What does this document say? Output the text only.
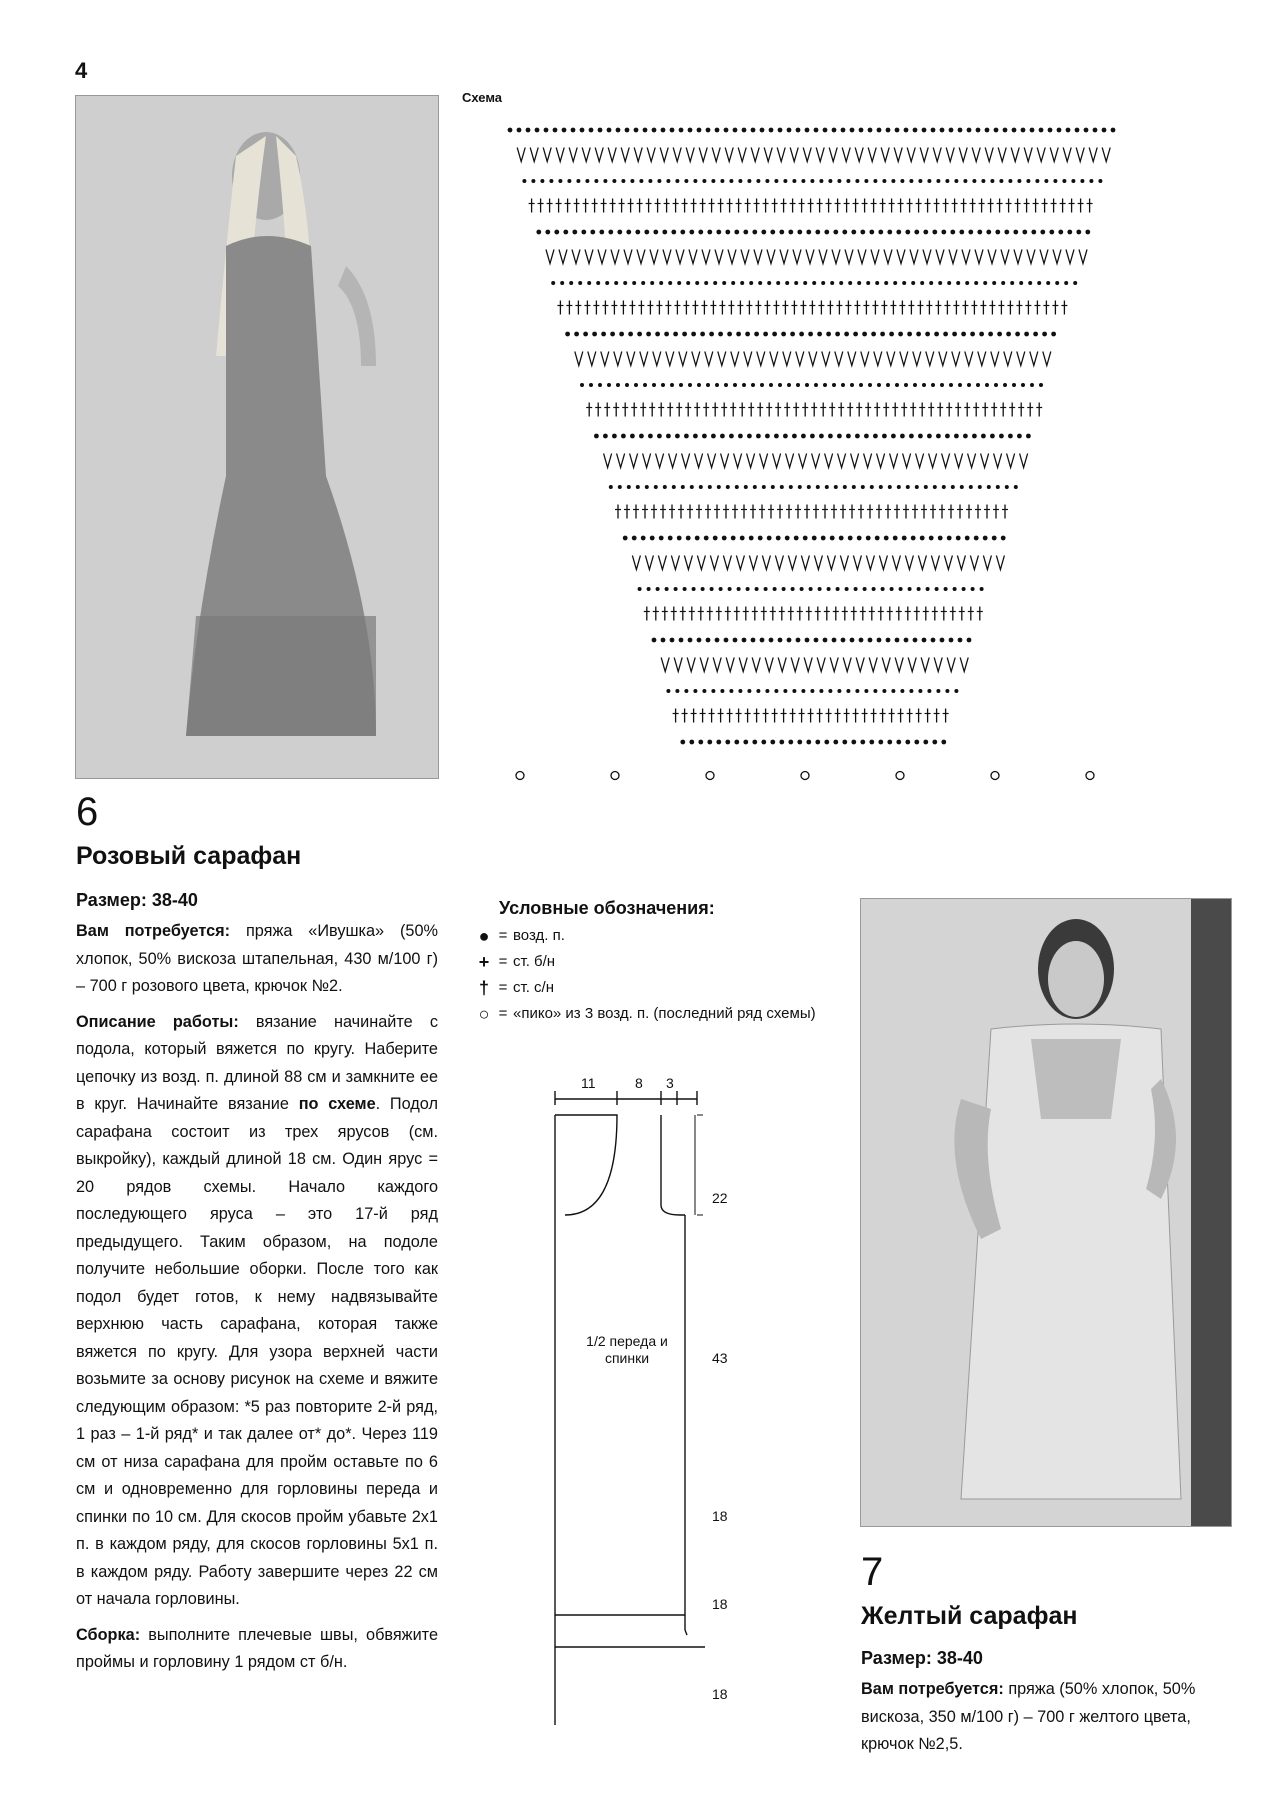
4
6
Розовый сарафан
Размер: 38-40

Вам потребуется: пряжа «Ивушка» (50% хлопок, 50% вискоза штапельная, 430 м/100 г) – 700 г розового цвета, крючок №2.

Описание работы: вязание начинайте с подола, который вяжется по кругу. Наберите цепочку из возд. п. длиной 88 см и замкните ее в круг. Начинайте вязание по схеме. Подол сарафана состоит из трех ярусов (см. выкройку), каждый длиной 18 см. Один ярус = 20 рядов схемы. Начало каждого последующего яруса – это 17-й ряд предыдущего. Таким образом, на подоле получите небольшие оборки. После того как подол будет готов, к нему надвязывайте верхнюю часть сарафана, которая также вяжется по кругу. Для узора верхней части возьмите за основу рисунок на схеме и вяжите следующим образом: *5 раз повторите 2-й ряд, 1 раз – 1-й ряд* и так далее от* до*. Через 119 см от низа сарафана для пройм оставьте по 6 см и одновременно для горловины переда и спинки по 10 см. Для скосов пройм убавьте 2х1 п. в каждом ряду, для скосов горловины 5х1 п. в каждом ряду. Работу завершите через 22 см от начала горловины.

Сборка: выполните плечевые швы, обвяжите проймы и горловину 1 рядом ст б/н.

Схема
Условные обозначения:
● = возд. п.
+ = ст. б/н
† = ст. с/н
○ = «пико» из 3 возд. п. (последний ряд схемы)
11	8 3
22
43
18
18
18
1/2 переда и спинки
7
Желтый сарафан
Размер: 38-40
Вам потребуется: пряжа (50% хлопок, 50% вискоза, 350 м/100 г) – 700 г желтого цвета, крючок №2,5.
